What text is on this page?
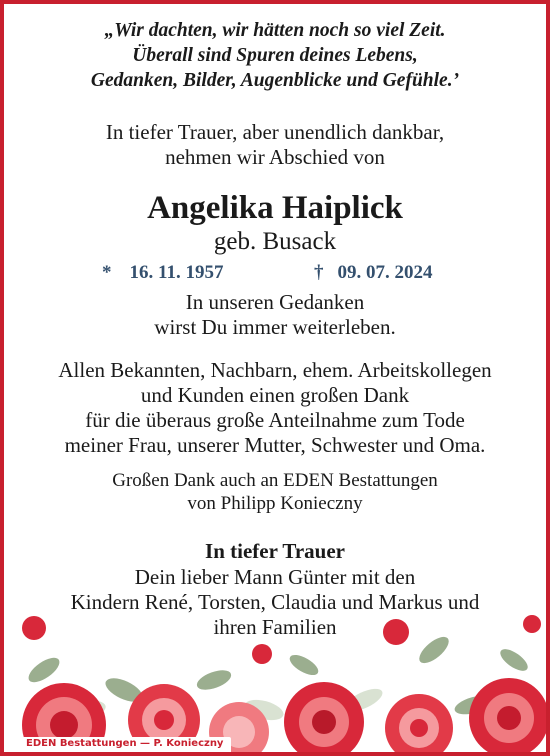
„Wir dachten, wir hätten noch so viel Zeit.
Überall sind Spuren deines Lebens,
Gedanken, Bilder, Augenblicke und Gefühle.’
In tiefer Trauer, aber unendlich dankbar,
nehmen wir Abschied von
Angelika Haiplick
geb. Busack
* 16. 11. 1957	† 09. 07. 2024
In unseren Gedanken
wirst Du immer weiterleben.
Allen Bekannten, Nachbarn, ehem. Arbeitskollegen
und Kunden einen großen Dank
für die überaus große Anteilnahme zum Tode
meiner Frau, unserer Mutter, Schwester und Oma.
Großen Dank auch an EDEN Bestattungen
von Philipp Konieczny
In tiefer Trauer
Dein lieber Mann Günter mit den
Kindern René, Torsten, Claudia und Markus und
ihren Familien
EDEN Bestattungen — P. Konieczny
